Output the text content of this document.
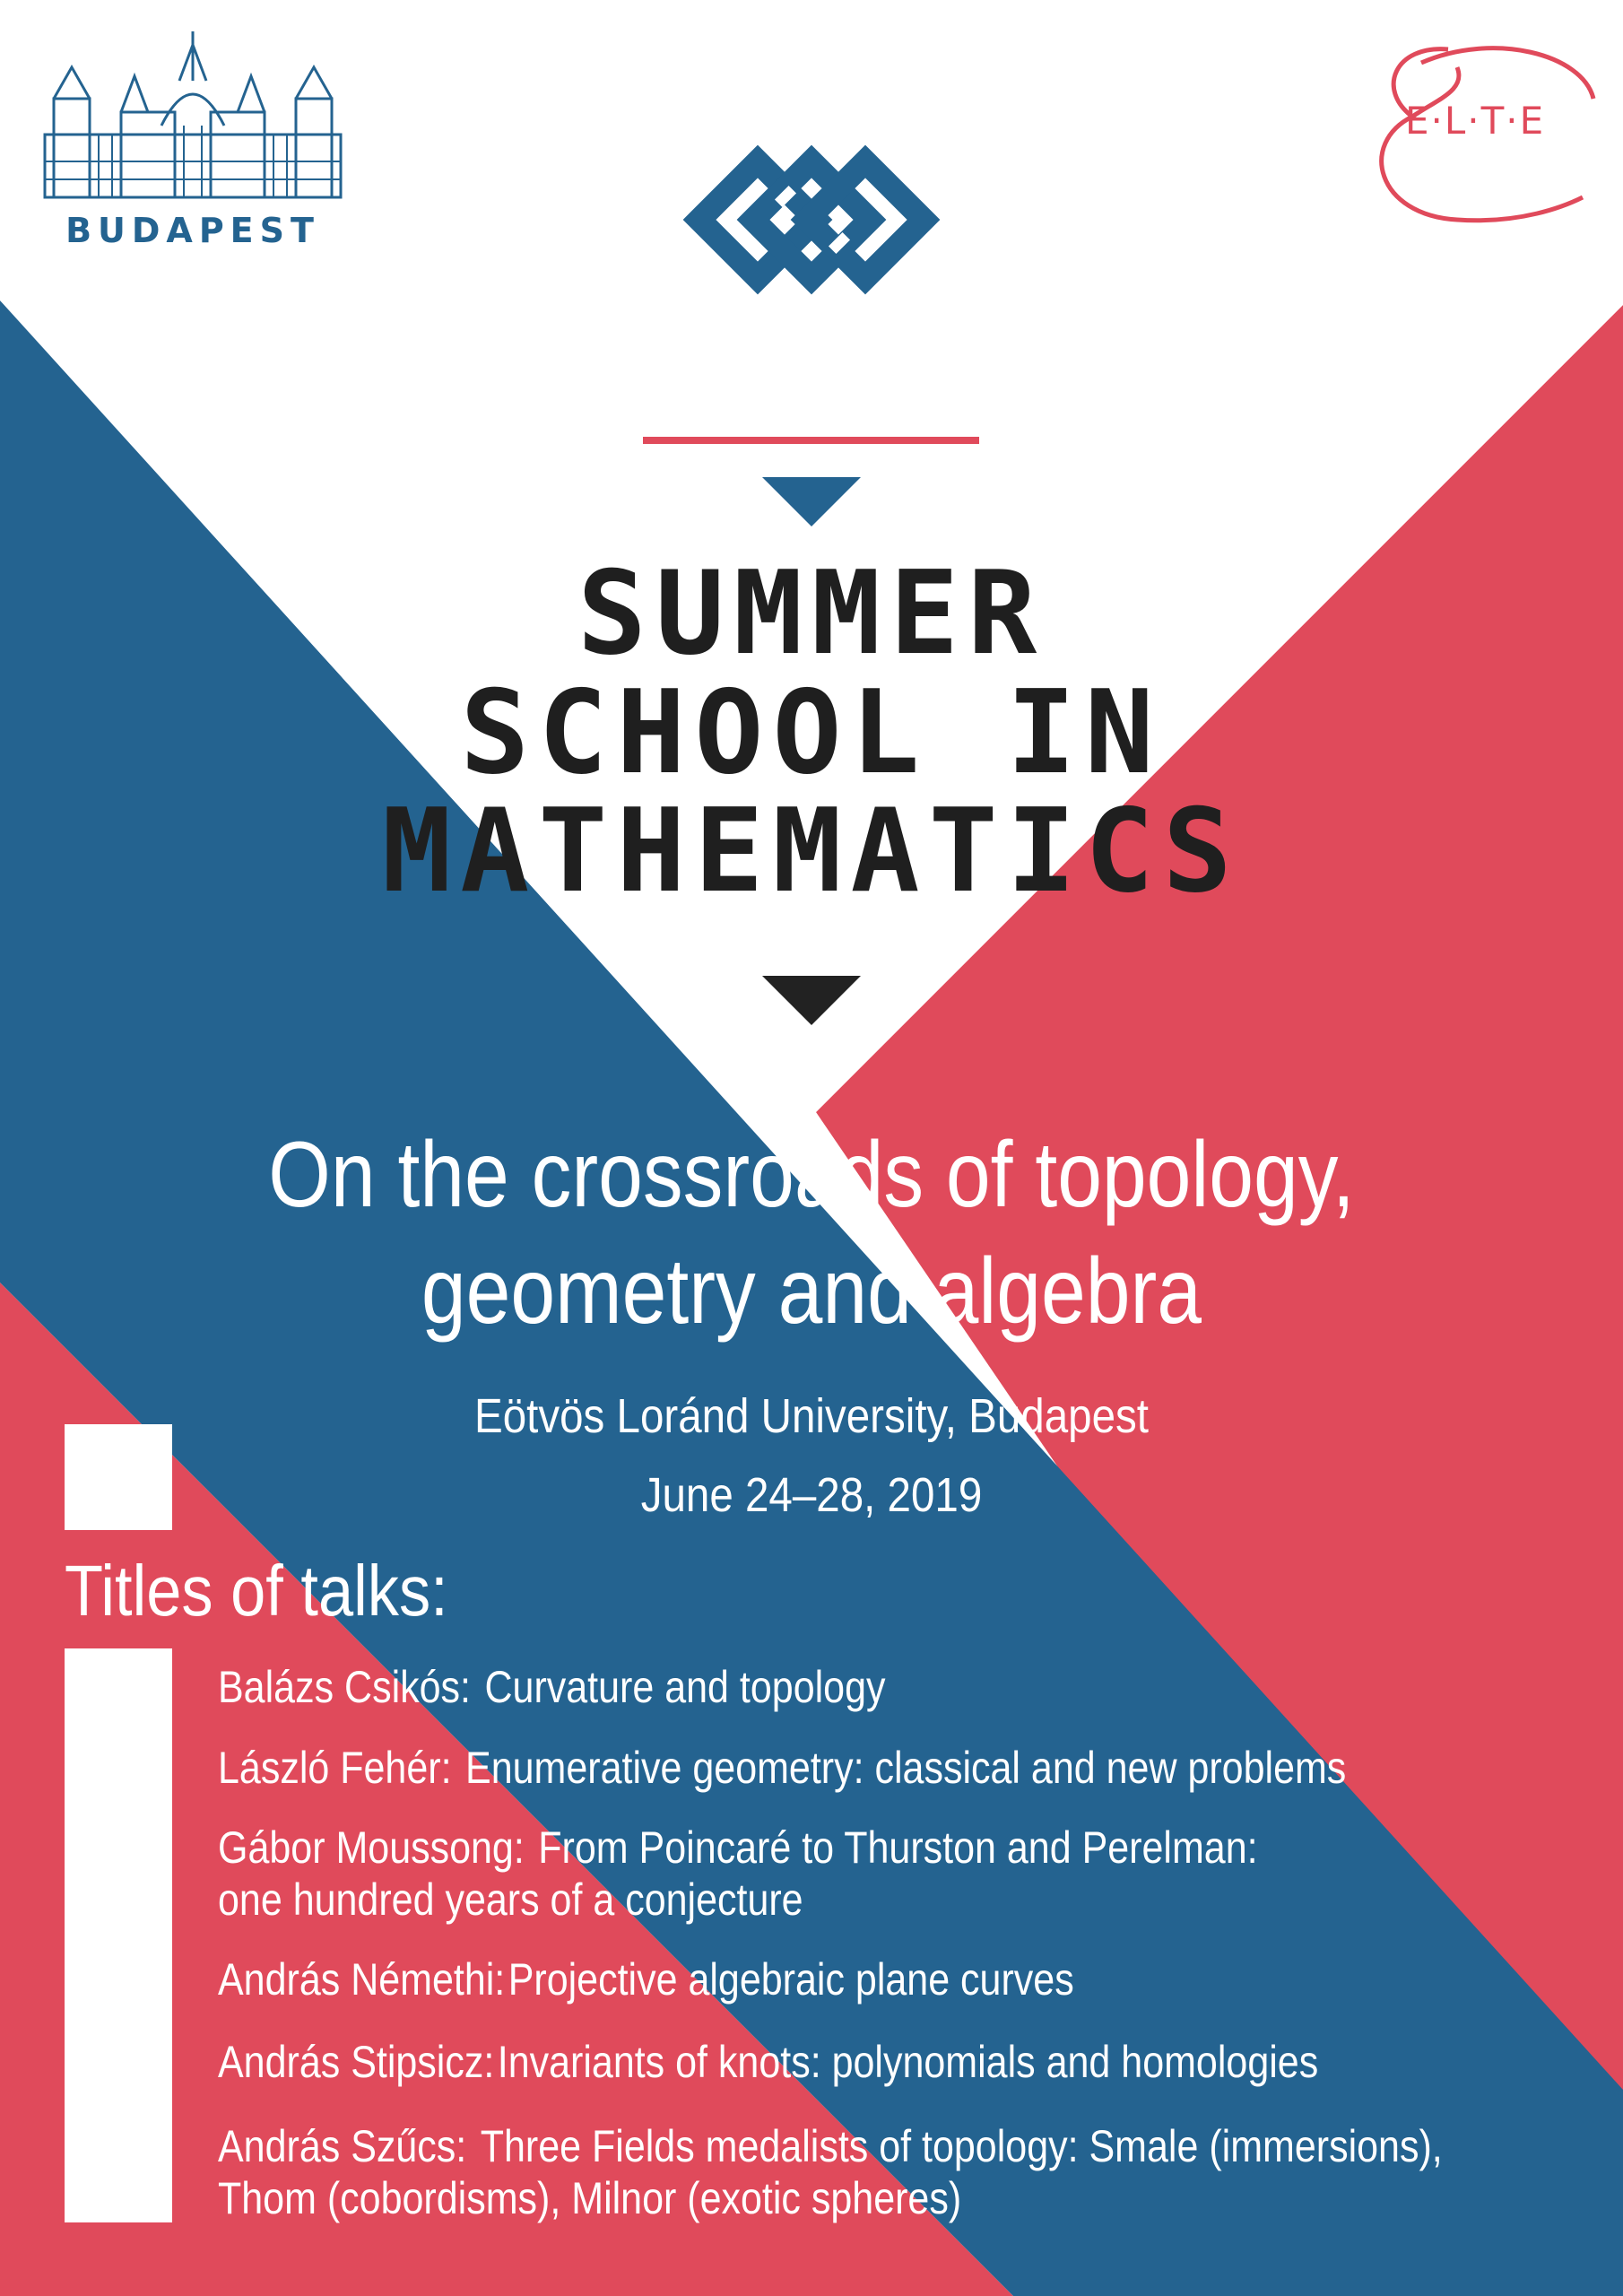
BUDAPEST
E·L·T·E
SUMMER
SCHOOL IN
MATHEMATICS
On the crossroads of topology,
geometry and algebra
Eötvös Loránd University, Budapest
June 24–28, 2019
Titles of talks:
Balázs Csikós : Curvature and topology
László Fehér : Enumerative geometry: classical and new problems
Gábor Moussong : From Poincaré to Thurston and Perelman:
one hundred years of a conjecture
András Némethi : Projective algebraic plane curves
András Stipsicz : Invariants of knots: polynomials and homologies
András Szűcs : Three Fields medalists of topology: Smale (immersions),
Thom (cobordisms), Milnor (exotic spheres)
